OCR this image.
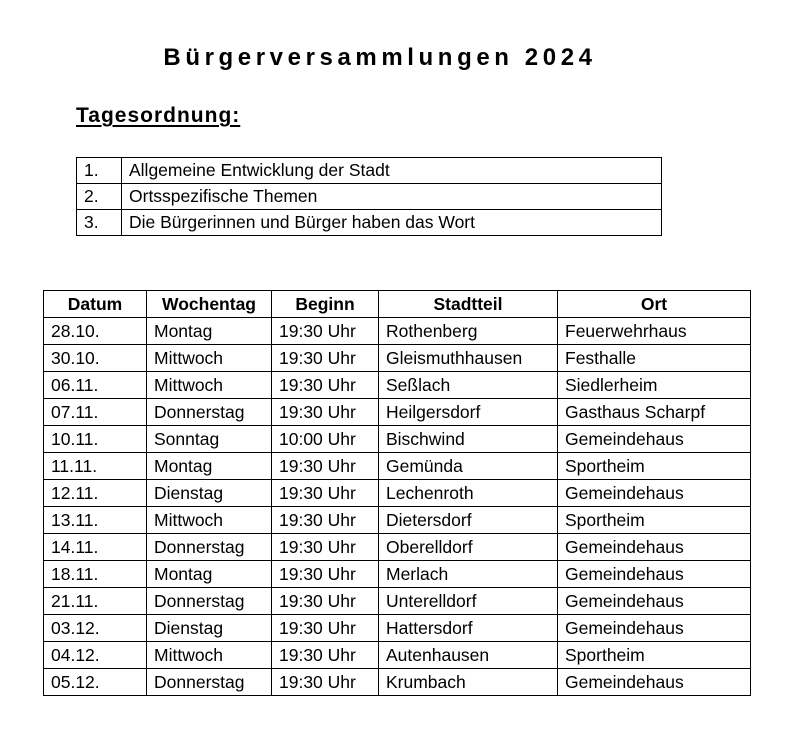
Bürgerversammlungen 2024
Tagesordnung:
1.	Allgemeine Entwicklung der Stadt
2.	Ortsspezifische Themen
3.	Die Bürgerinnen und Bürger haben das Wort
Datum	Wochentag	Beginn	Stadtteil	Ort
28.10.	Montag	19:30 Uhr	Rothenberg	Feuerwehrhaus
30.10.	Mittwoch	19:30 Uhr	Gleismuthhausen	Festhalle
06.11.	Mittwoch	19:30 Uhr	Seßlach	Siedlerheim
07.11.	Donnerstag	19:30 Uhr	Heilgersdorf	Gasthaus Scharpf
10.11.	Sonntag	10:00 Uhr	Bischwind	Gemeindehaus
11.11.	Montag	19:30 Uhr	Gemünda	Sportheim
12.11.	Dienstag	19:30 Uhr	Lechenroth	Gemeindehaus
13.11.	Mittwoch	19:30 Uhr	Dietersdorf	Sportheim
14.11.	Donnerstag	19:30 Uhr	Oberelldorf	Gemeindehaus
18.11.	Montag	19:30 Uhr	Merlach	Gemeindehaus
21.11.	Donnerstag	19:30 Uhr	Unterelldorf	Gemeindehaus
03.12.	Dienstag	19:30 Uhr	Hattersdorf	Gemeindehaus
04.12.	Mittwoch	19:30 Uhr	Autenhausen	Sportheim
05.12.	Donnerstag	19:30 Uhr	Krumbach	Gemeindehaus
